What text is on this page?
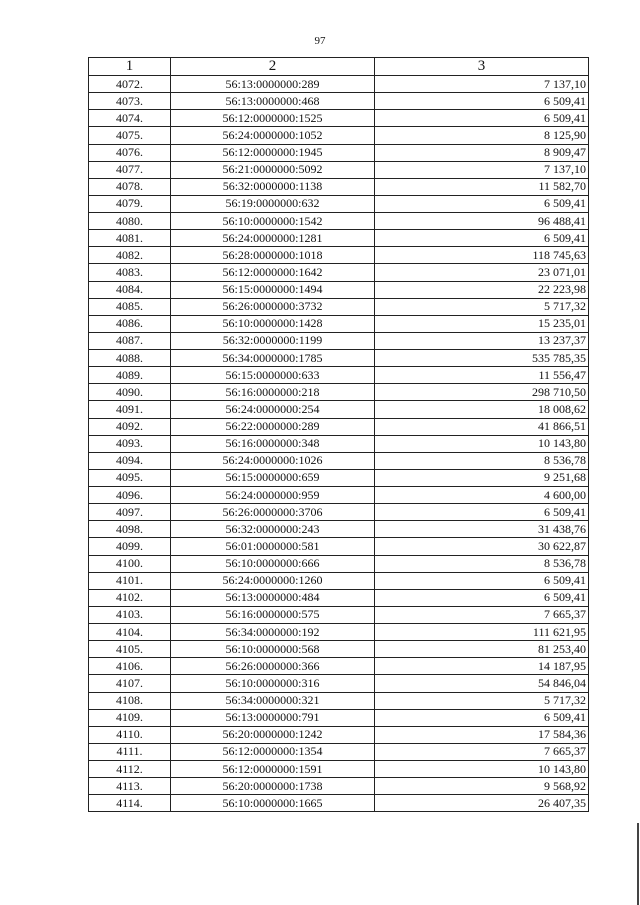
97
1	2	3
4072.	56:13:0000000:289	7 137,10
4073.	56:13:0000000:468	6 509,41
4074.	56:12:0000000:1525	6 509,41
4075.	56:24:0000000:1052	8 125,90
4076.	56:12:0000000:1945	8 909,47
4077.	56:21:0000000:5092	7 137,10
4078.	56:32:0000000:1138	11 582,70
4079.	56:19:0000000:632	6 509,41
4080.	56:10:0000000:1542	96 488,41
4081.	56:24:0000000:1281	6 509,41
4082.	56:28:0000000:1018	118 745,63
4083.	56:12:0000000:1642	23 071,01
4084.	56:15:0000000:1494	22 223,98
4085.	56:26:0000000:3732	5 717,32
4086.	56:10:0000000:1428	15 235,01
4087.	56:32:0000000:1199	13 237,37
4088.	56:34:0000000:1785	535 785,35
4089.	56:15:0000000:633	11 556,47
4090.	56:16:0000000:218	298 710,50
4091.	56:24:0000000:254	18 008,62
4092.	56:22:0000000:289	41 866,51
4093.	56:16:0000000:348	10 143,80
4094.	56:24:0000000:1026	8 536,78
4095.	56:15:0000000:659	9 251,68
4096.	56:24:0000000:959	4 600,00
4097.	56:26:0000000:3706	6 509,41
4098.	56:32:0000000:243	31 438,76
4099.	56:01:0000000:581	30 622,87
4100.	56:10:0000000:666	8 536,78
4101.	56:24:0000000:1260	6 509,41
4102.	56:13:0000000:484	6 509,41
4103.	56:16:0000000:575	7 665,37
4104.	56:34:0000000:192	111 621,95
4105.	56:10:0000000:568	81 253,40
4106.	56:26:0000000:366	14 187,95
4107.	56:10:0000000:316	54 846,04
4108.	56:34:0000000:321	5 717,32
4109.	56:13:0000000:791	6 509,41
4110.	56:20:0000000:1242	17 584,36
4111.	56:12:0000000:1354	7 665,37
4112.	56:12:0000000:1591	10 143,80
4113.	56:20:0000000:1738	9 568,92
4114.	56:10:0000000:1665	26 407,35
